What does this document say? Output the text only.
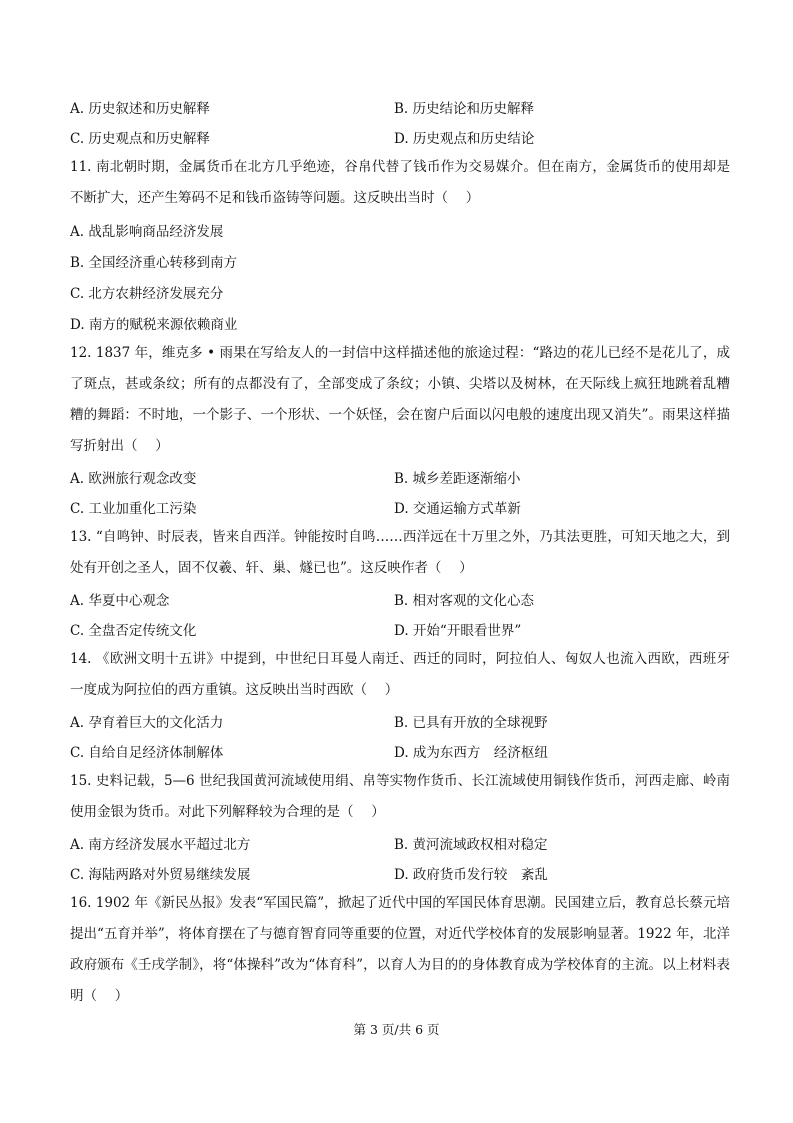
A. 历史叙述和历史解释	B. 历史结论和历史解释
C. 历史观点和历史解释	D. 历史观点和历史结论

11. 南北朝时期，金属货币在北方几乎绝迹，谷帛代替了钱币作为交易媒介。但在南方，金属货币的使用却是不断扩大，还产生筹码不足和钱币盗铸等问题。这反映出当时（　 ）

A. 战乱影响商品经济发展
B. 全国经济重心转移到南方
C. 北方农耕经济发展充分
D. 南方的赋税来源依赖商业

12. 1837 年，维克多 • 雨果在写给友人的一封信中这样描述他的旅途过程：“路边的花儿已经不是花儿了，成了斑点，甚或条纹；所有的点都没有了，全部变成了条纹；小镇、尖塔以及树林，在天际线上疯狂地跳着乱糟糟的舞蹈：不时地，一个影子、一个形状、一个妖怪，会在窗户后面以闪电般的速度出现又消失”。雨果这样描写折射出（　 ）

A. 欧洲旅行观念改变	B. 城乡差距逐渐缩小
C. 工业加重化工污染	D. 交通运输方式革新

13. “自鸣钟、时辰表，皆来自西洋。钟能按时自鸣……西洋远在十万里之外，乃其法更胜，可知天地之大，到处有开创之圣人，固不仅羲、轩、巢、燧已也”。这反映作者（　 ）

A. 华夏中心观念	B. 相对客观的文化心态
C. 全盘否定传统文化	D. 开始“开眼看世界”

14. 《欧洲文明十五讲》中提到，中世纪日耳曼人南迁、西迁的同时，阿拉伯人、匈奴人也流入西欧，西班牙一度成为阿拉伯的西方重镇。这反映出当时西欧（　 ）

A. 孕育着巨大的文化活力	B. 已具有开放的全球视野
C. 自给自足经济体制解体	D. 成为东西方　经济枢纽

15. 史料记载，5—6 世纪我国黄河流域使用绢、帛等实物作货币、长江流域使用铜钱作货币，河西走廊、岭南使用金银为货币。对此下列解释较为合理的是（　 ）

A. 南方经济发展水平超过北方	B. 黄河流域政权相对稳定
C. 海陆两路对外贸易继续发展	D. 政府货币发行较　紊乱

16. 1902 年《新民丛报》发表“军国民篇”，掀起了近代中国的军国民体育思潮。民国建立后，教育总长蔡元培提出“五育并举”，将体育摆在了与德育智育同等重要的位置，对近代学校体育的发展影响显著。1922 年，北洋政府颁布《壬戌学制》，将“体操科”改为“体育科”，以育人为目的的身体教育成为学校体育的主流。以上材料表明（　 ）

第 3 页/共 6 页
